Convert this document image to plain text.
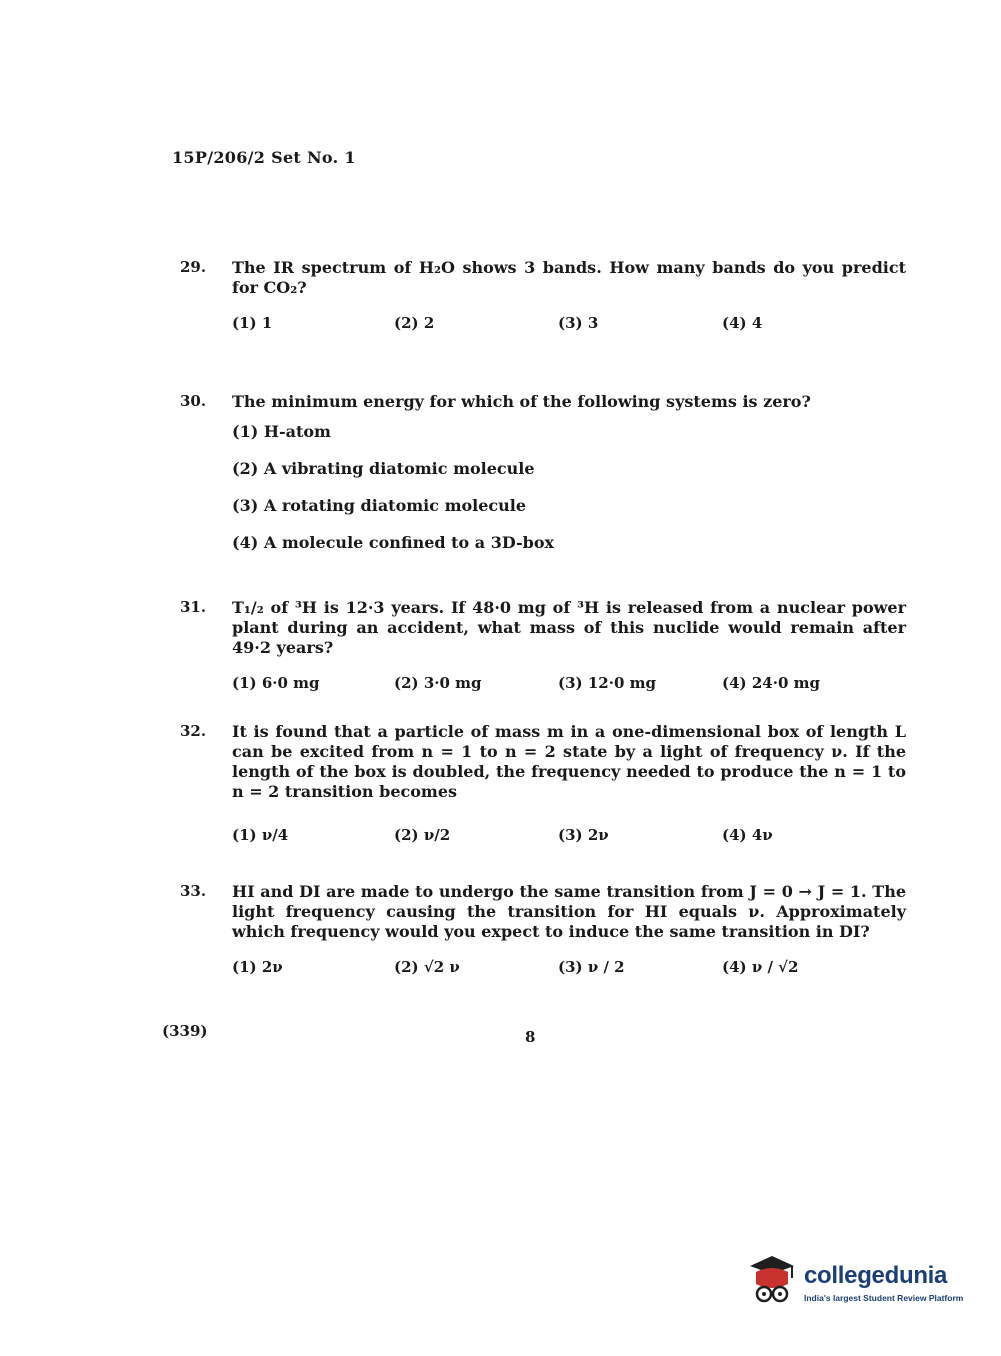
15P/206/2 Set No. 1
29. The IR spectrum of H₂O shows 3 bands. How many bands do you predict for CO₂?
(1) 1	(2) 2	(3) 3	(4) 4
30. The minimum energy for which of the following systems is zero?
(1) H-atom
(2) A vibrating diatomic molecule
(3) A rotating diatomic molecule
(4) A molecule confined to a 3D-box
31. T₁/₂ of ³H is 12·3 years. If 48·0 mg of ³H is released from a nuclear power plant during an accident, what mass of this nuclide would remain after 49·2 years?
(1) 6·0 mg	(2) 3·0 mg	(3) 12·0 mg	(4) 24·0 mg
32. It is found that a particle of mass m in a one-dimensional box of length L can be excited from n = 1 to n = 2 state by a light of frequency ν. If the length of the box is doubled, the frequency needed to produce the n = 1 to n = 2 transition becomes
(1) ν/4	(2) ν/2	(3) 2ν	(4) 4ν
33. HI and DI are made to undergo the same transition from J = 0 → J = 1. The light frequency causing the transition for HI equals ν. Approximately which frequency would you expect to induce the same transition in DI?
(1) 2ν	(2) √2 ν	(3) ν / 2	(4) ν / √2
(339)	8
collegedunia
India's largest Student Review Platform
